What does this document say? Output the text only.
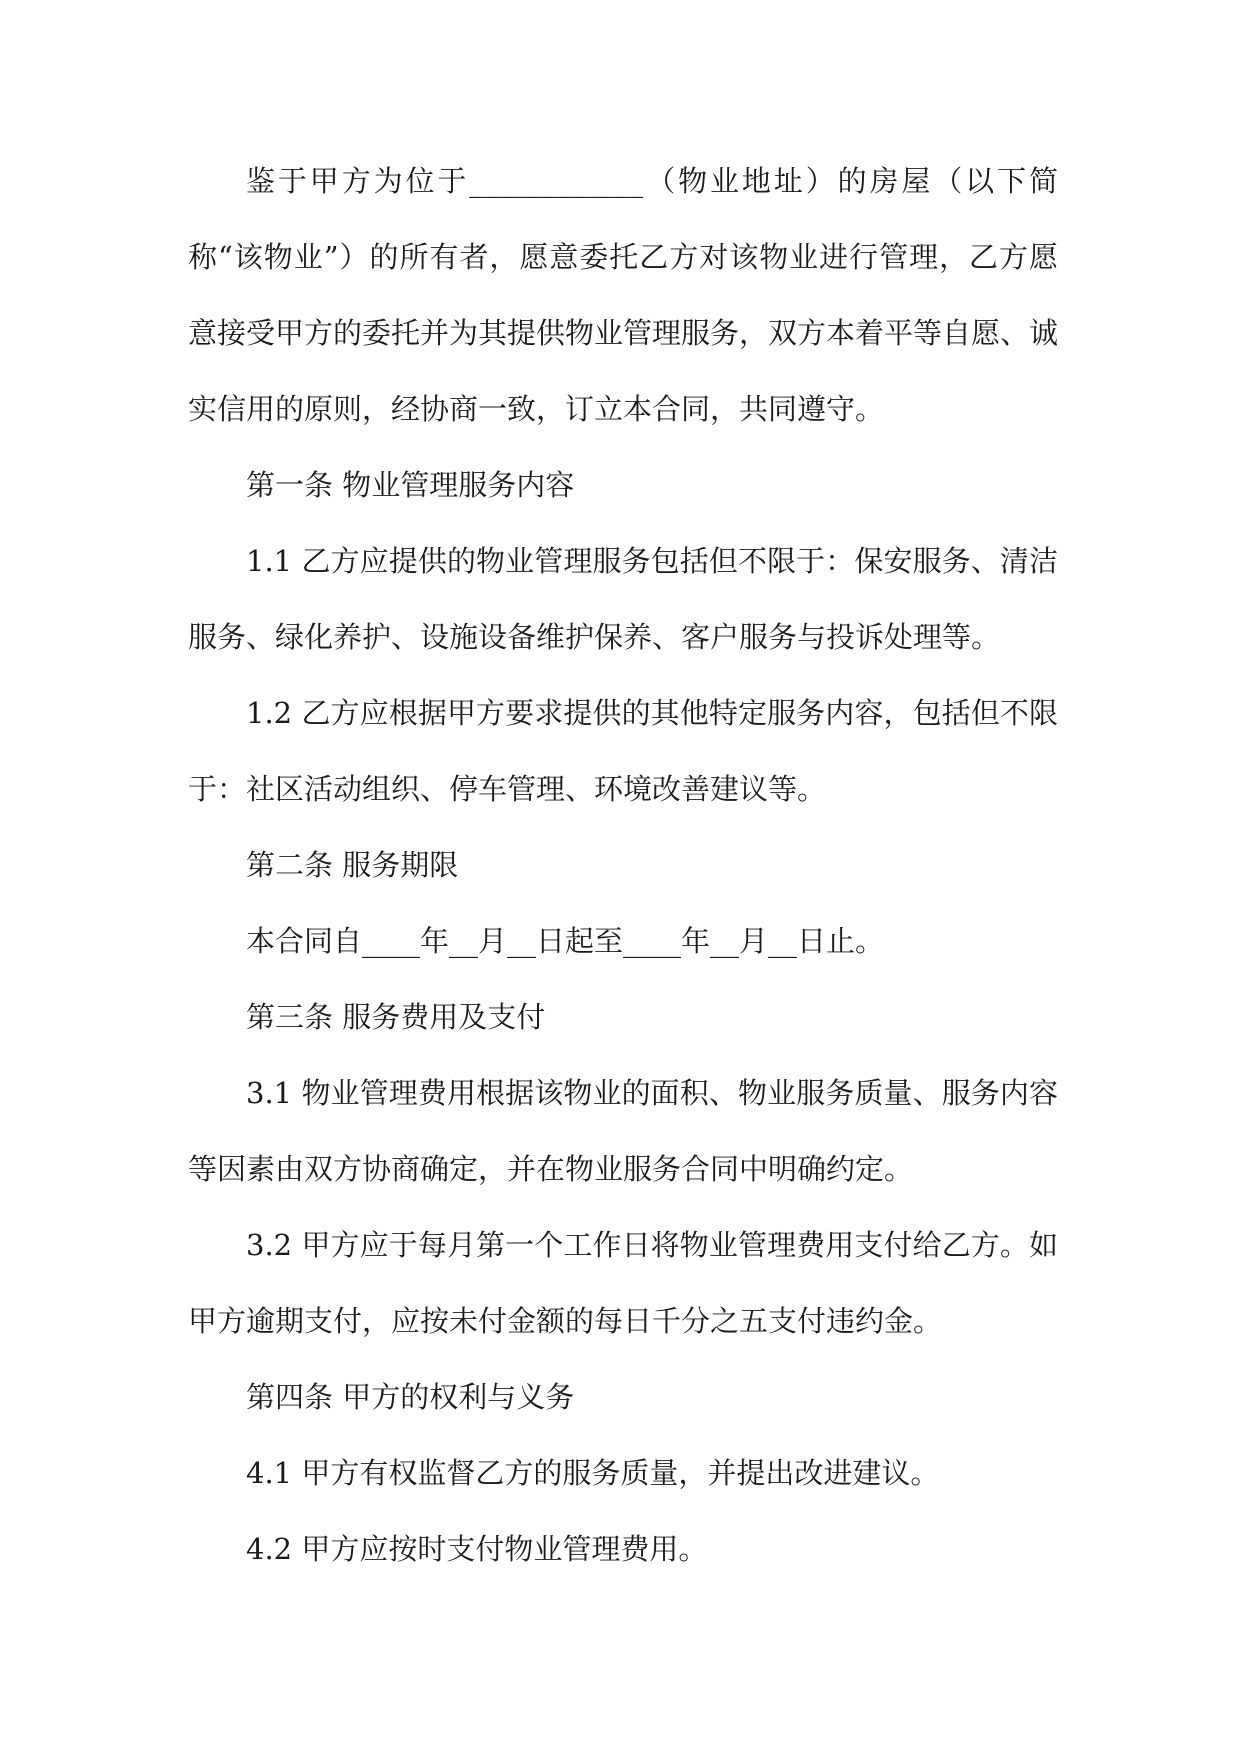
鉴于甲方为位于____________（物业地址）的房屋（以下简称“该物业”）的所有者，愿意委托乙方对该物业进行管理，乙方愿意接受甲方的委托并为其提供物业管理服务，双方本着平等自愿、诚实信用的原则，经协商一致，订立本合同，共同遵守。

第一条 物业管理服务内容

1.1 乙方应提供的物业管理服务包括但不限于：保安服务、清洁服务、绿化养护、设施设备维护保养、客户服务与投诉处理等。

1.2 乙方应根据甲方要求提供的其他特定服务内容，包括但不限于：社区活动组织、停车管理、环境改善建议等。

第二条 服务期限

本合同自____年__月__日起至____年__月__日止。

第三条 服务费用及支付

3.1 物业管理费用根据该物业的面积、物业服务质量、服务内容等因素由双方协商确定，并在物业服务合同中明确约定。

3.2 甲方应于每月第一个工作日将物业管理费用支付给乙方。如甲方逾期支付，应按未付金额的每日千分之五支付违约金。

第四条 甲方的权利与义务

4.1 甲方有权监督乙方的服务质量，并提出改进建议。

4.2 甲方应按时支付物业管理费用。
